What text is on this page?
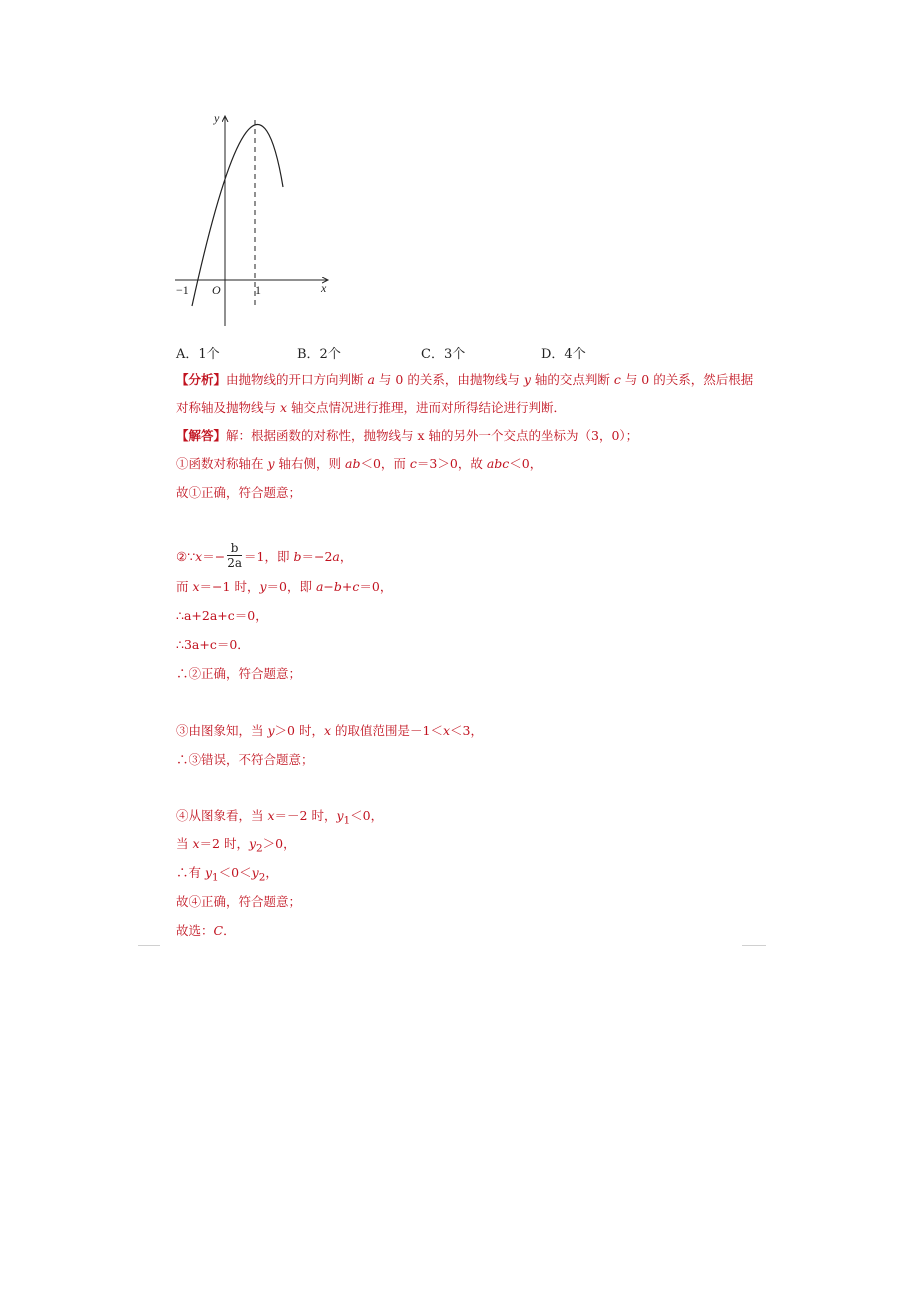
y
x
O
−1	1
A．1个	B．2个	C．3个	D．4个
【分析】由抛物线的开口方向判断 a 与 0 的关系，由抛物线与 y 轴的交点判断 c 与 0 的关系，然后根据
对称轴及抛物线与 x 轴交点情况进行推理，进而对所得结论进行判断．
【解答】解：根据函数的对称性，抛物线与 x 轴的另外一个交点的坐标为（3，0）；
①函数对称轴在 y 轴右侧，则 ab＜0，而 c＝3＞0，故 abc＜0，
故①正确，符合题意；
②∵x＝− $\frac{b}{2a} =1$，即 b＝−2a，
而 x＝−1 时，y＝0，即 a−b+c＝0，
∴a+2a+c＝0，
∴3a+c＝0．
∴②正确，符合题意；
③由图象知，当 y＞0 时，x 的取值范围是－1＜x＜3，
∴③错误，不符合题意；
④从图象看，当 x＝－2 时，$y_1<0$，
当 x＝2 时，$y_2>0$，
∴有 $y_1<0<y_2$，
故④正确，符合题意；
故选：C．
